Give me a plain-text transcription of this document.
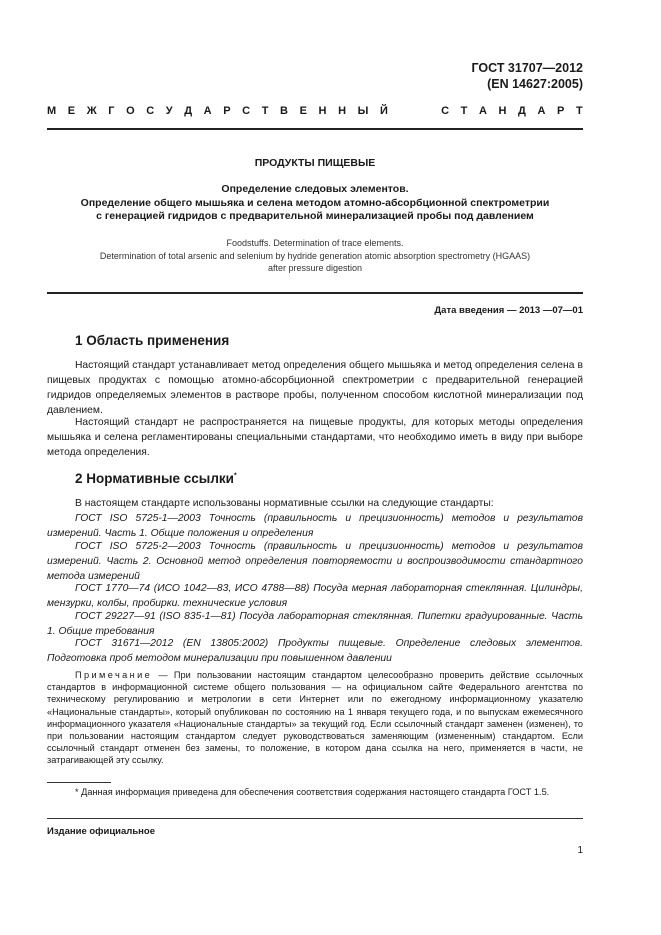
ГОСТ 31707—2012
(EN 14627:2005)
М Е Ж Г О С У Д А Р С Т В Е Н Н Ы Й	С Т А Н Д А Р Т
ПРОДУКТЫ ПИЩЕВЫЕ
Определение следовых элементов.
Определение общего мышьяка и селена методом атомно-абсорбционной спектрометрии
с генерацией гидридов с предварительной минерализацией пробы под давлением
Foodstuffs. Determination of trace elements.
Determination of total arsenic and selenium by hydride generation atomic absorption spectrometry (HGAAS)
after pressure digestion
Дата введения — 2013 —07—01
1 Область применения

Настоящий стандарт устанавливает метод определения общего мышьяка и метод определения селена в пищевых продуктах с помощью атомно-абсорбционной спектрометрии с предварительной генерацией гидридов определяемых элементов в растворе пробы, полученном способом кислотной минерализации под давлением.

Настоящий стандарт не распространяется на пищевые продукты, для которых методы определения мышьяка и селена регламентированы специальными стандартами, что необходимо иметь в виду при выборе метода определения.

2 Нормативные ссылки*

В настоящем стандарте использованы нормативные ссылки на следующие стандарты:

ГОСТ ISO 5725-1—2003 Точность (правильность и прецизионность) методов и результатов измерений. Часть 1. Общие положения и определения

ГОСТ ISO 5725-2—2003 Точность (правильность и прецизионность) методов и результатов измерений. Часть 2. Основной метод определения повторяемости и воспроизводимости стандартного метода измерений

ГОСТ 1770—74 (ИСО 1042—83, ИСО 4788—88) Посуда мерная лабораторная стеклянная. Цилиндры, мензурки, колбы, пробирки. технические условия

ГОСТ 29227—91 (ISO 835-1—81) Посуда лабораторная стеклянная. Пипетки градуированные. Часть 1. Общие требования

ГОСТ 31671—2012 (EN 13805:2002) Продукты пищевые. Определение следовых элементов. Подготовка проб методом минерализации при повышенном давлении

Примечание — При пользовании настоящим стандартом целесообразно проверить действие ссылочных стандартов в информационной системе общего пользования — на официальном сайте Федерального агентства по техническому регулированию и метрологии в сети Интернет или по ежегодному информационному указателю «Национальные стандарты», который опубликован по состоянию на 1 января текущего года, и по выпускам ежемесячного информационного указателя «Национальные стандарты» за текущий год. Если ссылочный стандарт заменен (изменен), то при пользовании настоящим стандартом следует руководствоваться заменяющим (измененным) стандартом. Если ссылочный стандарт отменен без замены, то положение, в котором дана ссылка на него, применяется в части, не затрагивающей эту ссылку.

* Данная информация приведена для обеспечения соответствия содержания настоящего стандарта ГОСТ 1.5.

Издание официальное
1
